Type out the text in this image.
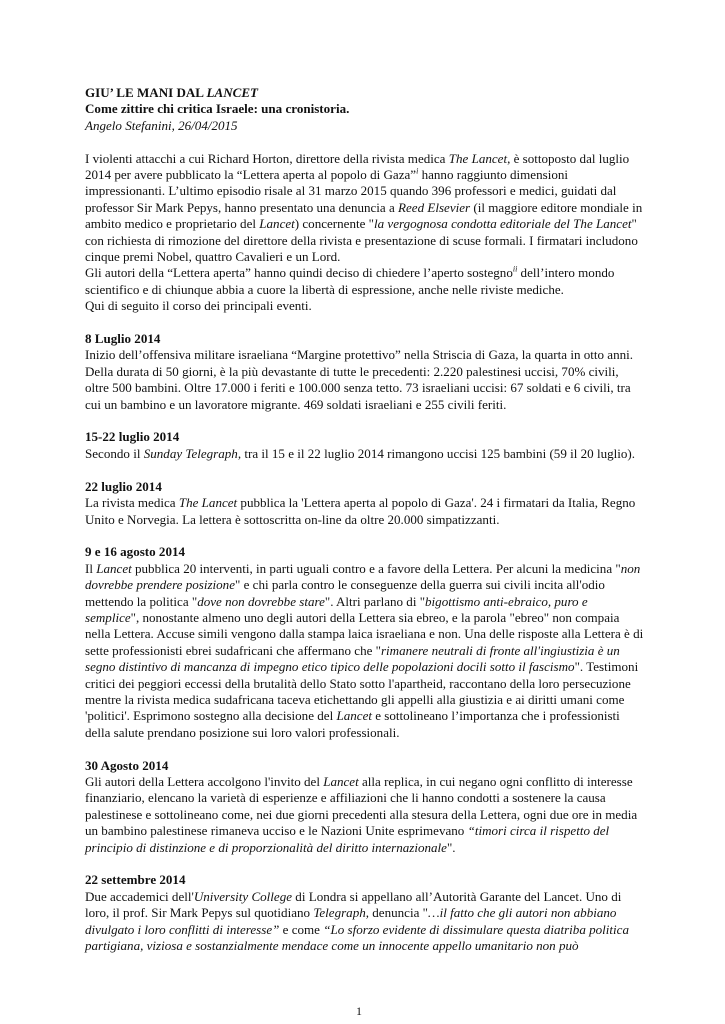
GIU’ LE MANI DAL LANCET

Come zittire chi critica Israele: una cronistoria.

Angelo Stefanini, 26/04/2015

I violenti attacchi a cui Richard Horton, direttore della rivista medica The Lancet, è sottoposto dal luglio 2014 per avere pubblicato la “Lettera aperta al popolo di Gaza”$^i$ hanno raggiunto dimensioni impressionanti. L’ultimo episodio risale al 31 marzo 2015 quando 396 professori e medici, guidati dal professor Sir Mark Pepys, hanno presentato una denuncia a Reed Elsevier (il maggiore editore mondiale in ambito medico e proprietario del Lancet) concernente "la vergognosa condotta editoriale del The Lancet" con richiesta di rimozione del direttore della rivista e presentazione di scuse formali. I firmatari includono cinque premi Nobel, quattro Cavalieri e un Lord.

Gli autori della “Lettera aperta” hanno quindi deciso di chiedere l’aperto sostegno$^{ii}$ dell’intero mondo scientifico e di chiunque abbia a cuore la libertà di espressione, anche nelle riviste mediche.

Qui di seguito il corso dei principali eventi.

8 Luglio 2014

Inizio dell’offensiva militare israeliana “Margine protettivo” nella Striscia di Gaza, la quarta in otto anni. Della durata di 50 giorni, è la più devastante di tutte le precedenti: 2.220 palestinesi uccisi, 70% civili, oltre 500 bambini. Oltre 17.000 i feriti e 100.000 senza tetto. 73 israeliani uccisi: 67 soldati e 6 civili, tra cui un bambino e un lavoratore migrante. 469 soldati israeliani e 255 civili feriti.

15-22 luglio 2014

Secondo il Sunday Telegraph, tra il 15 e il 22 luglio 2014 rimangono uccisi 125 bambini (59 il 20 luglio).

22 luglio 2014

La rivista medica The Lancet pubblica la 'Lettera aperta al popolo di Gaza'. 24 i firmatari da Italia, Regno Unito e Norvegia. La lettera è sottoscritta on-line da oltre 20.000 simpatizzanti.

9 e 16 agosto 2014

Il Lancet pubblica 20 interventi, in parti uguali contro e a favore della Lettera. Per alcuni la medicina "non dovrebbe prendere posizione" e chi parla contro le conseguenze della guerra sui civili incita all'odio mettendo la politica "dove non dovrebbe stare". Altri parlano di "bigottismo anti-ebraico, puro e semplice", nonostante almeno uno degli autori della Lettera sia ebreo, e la parola "ebreo" non compaia nella Lettera. Accuse simili vengono dalla stampa laica israeliana e non. Una delle risposte alla Lettera è di sette professionisti ebrei sudafricani che affermano che "rimanere neutrali di fronte all'ingiustizia è un segno distintivo di mancanza di impegno etico tipico delle popolazioni docili sotto il fascismo". Testimoni critici dei peggiori eccessi della brutalità dello Stato sotto l'apartheid, raccontano della loro persecuzione mentre la rivista medica sudafricana taceva etichettando gli appelli alla giustizia e ai diritti umani come 'politici'. Esprimono sostegno alla decisione del Lancet e sottolineano l’importanza che i professionisti della salute prendano posizione sui loro valori professionali.

30 Agosto 2014

Gli autori della Lettera accolgono l'invito del Lancet alla replica, in cui negano ogni conflitto di interesse finanziario, elencano la varietà di esperienze e affiliazioni che li hanno condotti a sostenere la causa palestinese e sottolineano come, nei due giorni precedenti alla stesura della Lettera, ogni due ore in media un bambino palestinese rimaneva ucciso e le Nazioni Unite esprimevano “timori circa il rispetto del principio di distinzione e di proporzionalità del diritto internazionale".

22 settembre 2014

Due accademici dell'University College di Londra si appellano all’Autorità Garante del Lancet. Uno di loro, il prof. Sir Mark Pepys sul quotidiano Telegraph, denuncia "…il fatto che gli autori non abbiano divulgato i loro conflitti di interesse” e come “Lo sforzo evidente di dissimulare questa diatriba politica partigiana, viziosa e sostanzialmente mendace come un innocente appello umanitario non può

1
